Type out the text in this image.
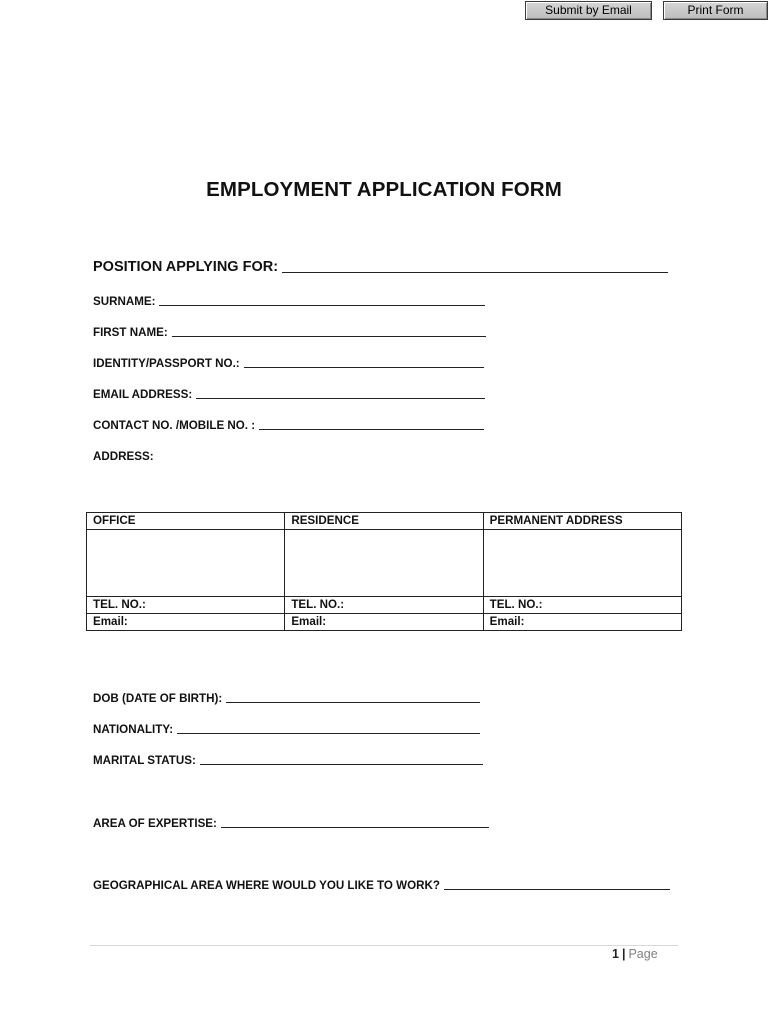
Submit by Email	Print Form
EMPLOYMENT APPLICATION FORM
POSITION APPLYING FOR:
SURNAME:
FIRST NAME:
IDENTITY/PASSPORT NO.:
EMAIL ADDRESS:
CONTACT NO. /MOBILE NO. :
ADDRESS:
OFFICE	RESIDENCE	PERMANENT ADDRESS

TEL. NO.:	TEL. NO.:	TEL. NO.:
Email:	Email:	Email:
DOB (DATE OF BIRTH):
NATIONALITY:
MARITAL STATUS:
AREA OF EXPERTISE:
GEOGRAPHICAL AREA WHERE WOULD YOU LIKE TO WORK?
1 | Page
